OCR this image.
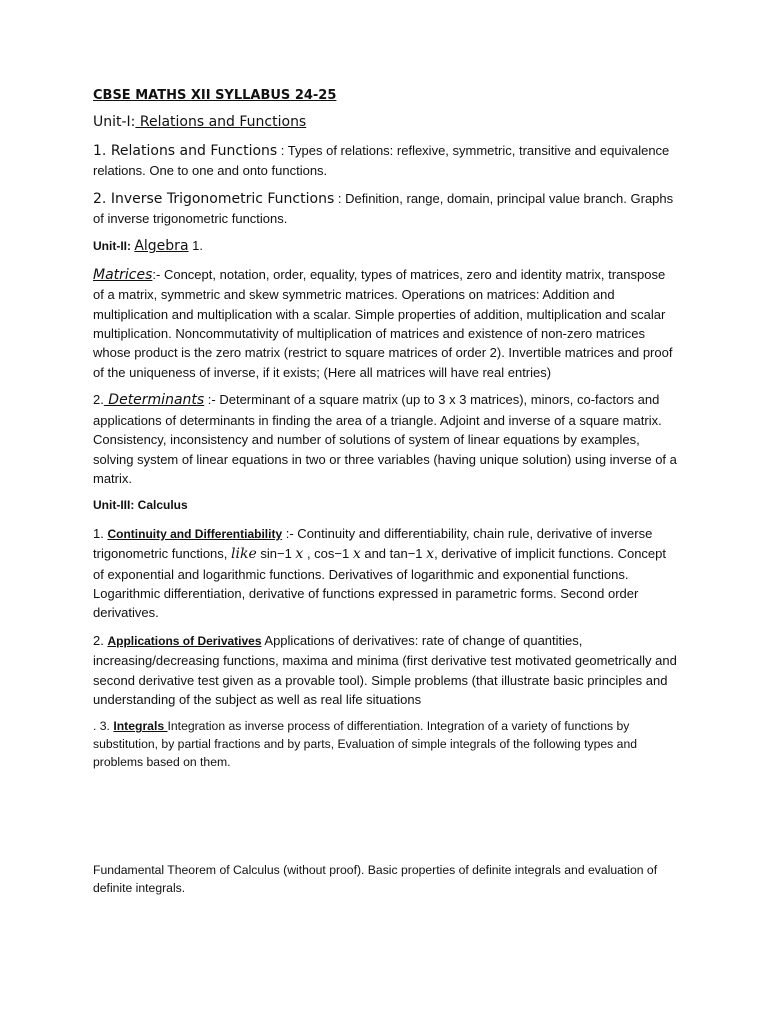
CBSE MATHS XII SYLLABUS 24-25

Unit-I: Relations and Functions

1. Relations and Functions : Types of relations: reflexive, symmetric, transitive and equivalence relations. One to one and onto functions.

2. Inverse Trigonometric Functions : Definition, range, domain, principal value branch. Graphs of inverse trigonometric functions.

Unit-II: Algebra 1.

Matrices:- Concept, notation, order, equality, types of matrices, zero and identity matrix, transpose of a matrix, symmetric and skew symmetric matrices. Operations on matrices: Addition and multiplication and multiplication with a scalar. Simple properties of addition, multiplication and scalar multiplication. Noncommutativity of multiplication of matrices and existence of non-zero matrices whose product is the zero matrix (restrict to square matrices of order 2). Invertible matrices and proof of the uniqueness of inverse, if it exists; (Here all matrices will have real entries)

2. Determinants :- Determinant of a square matrix (up to 3 x 3 matrices), minors, co-factors and applications of determinants in finding the area of a triangle. Adjoint and inverse of a square matrix. Consistency, inconsistency and number of solutions of system of linear equations by examples, solving system of linear equations in two or three variables (having unique solution) using inverse of a matrix.

Unit-III: Calculus

1. Continuity and Differentiability :- Continuity and differentiability, chain rule, derivative of inverse trigonometric functions, like sin−1 x , cos−1 x and tan−1 x, derivative of implicit functions. Concept of exponential and logarithmic functions. Derivatives of logarithmic and exponential functions. Logarithmic differentiation, derivative of functions expressed in parametric forms. Second order derivatives.

2. Applications of Derivatives Applications of derivatives: rate of change of quantities, increasing/decreasing functions, maxima and minima (first derivative test motivated geometrically and second derivative test given as a provable tool). Simple problems (that illustrate basic principles and understanding of the subject as well as real life situations

. 3. Integrals Integration as inverse process of differentiation. Integration of a variety of functions by substitution, by partial fractions and by parts, Evaluation of simple integrals of the following types and problems based on them.

Fundamental Theorem of Calculus (without proof). Basic properties of definite integrals and evaluation of definite integrals.
